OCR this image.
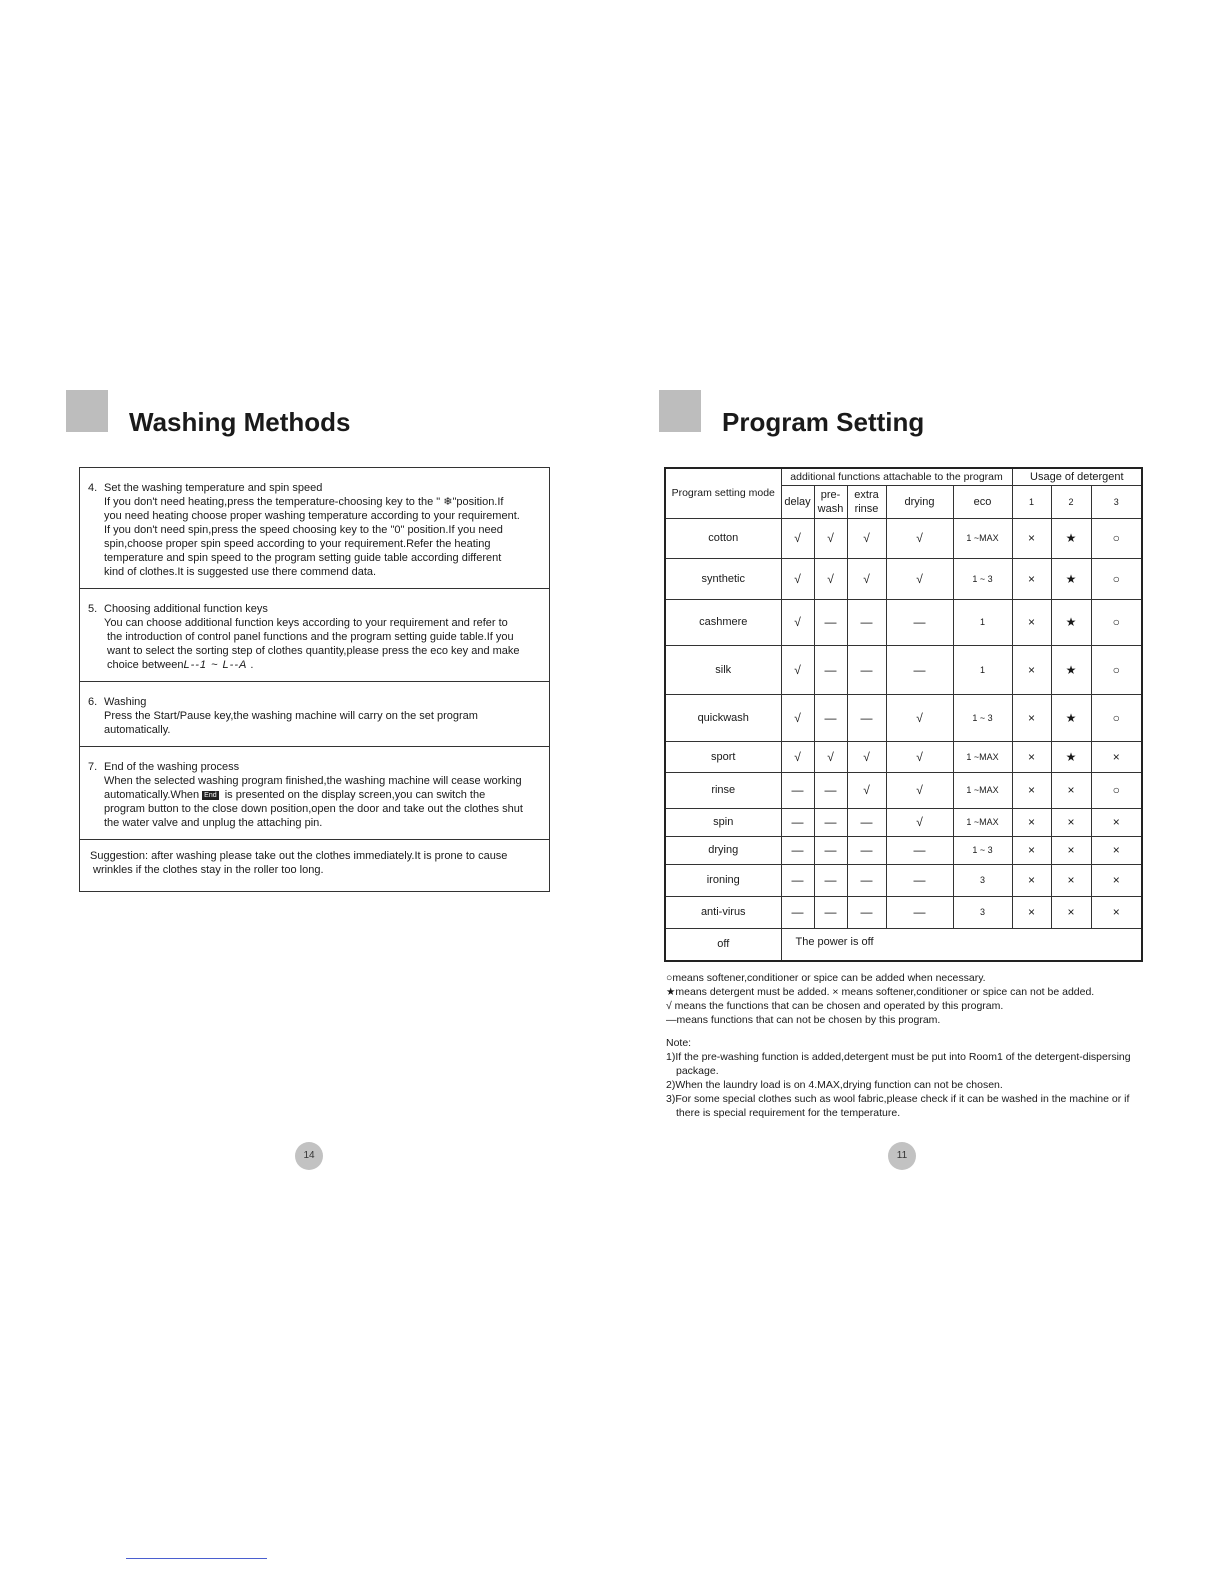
Washing Methods
4. Set the washing temperature and spin speed

If you don't need heating,press the temperature-choosing key to the " ❄"position.If

you need heating choose proper washing temperature according to your requirement.

If you don't need spin,press the speed choosing key to the "0" position.If you need

spin,choose proper spin speed according to your requirement.Refer the heating

temperature and spin speed to the program setting guide table according different

kind of clothes.It is suggested use there commend data.

5. Choosing additional function keys

You can choose additional function keys according to your requirement and refer to

the introduction of control panel functions and the program setting guide table.If you

want to select the sorting step of clothes quantity,please press the eco key and make

choice betweenL--1 ~ L--A .

6. Washing

Press the Start/Pause key,the washing machine will carry on the set program

automatically.

7. End of the washing process

When the selected washing program finished,the washing machine will cease working

automatically.When End is presented on the display screen,you can switch the

program button to the close down position,open the door and take out the clothes shut

the water valve and unplug the attaching pin.

Suggestion: after washing please take out the clothes immediately.It is prone to cause

wrinkles if the clothes stay in the roller too long.

14
Program Setting
Program setting mode	additional functions attachable to the program					Usage of detergent		
	delay	pre-
wash	extra
rinse	drying	eco	1	2	3
cotton	√	√	√	√	1 ~MAX	×	★	○
synthetic	√	√	√	√	1 ~ 3	×	★	○
cashmere	√	—	—	—	1	×	★	○
silk	√	—	—	—	1	×	★	○
quickwash	√	—	—	√	1 ~ 3	×	★	○
sport	√	√	√	√	1 ~MAX	×	★	×
rinse	—	—	√	√	1 ~MAX	×	×	○
spin	—	—	—	√	1 ~MAX	×	×	×
drying	—	—	—	—	1 ~ 3	×	×	×
ironing	—	—	—	—	3	×	×	×
anti-virus	—	—	—	—	3	×	×	×
off	The power is off							

○means softener,conditioner or spice can be added when necessary.

★means detergent must be added. × means softener,conditioner or spice can not be added.

√ means the functions that can be chosen and operated by this program.

—means functions that can not be chosen by this program.

Note:

1)If the pre-washing function is added,detergent must be put into Room1 of the detergent-dispersing package.

2)When the laundry load is on 4.MAX,drying function can not be chosen.

3)For some special clothes such as wool fabric,please check if it can be washed in the machine or if there is special requirement for the temperature.

11
